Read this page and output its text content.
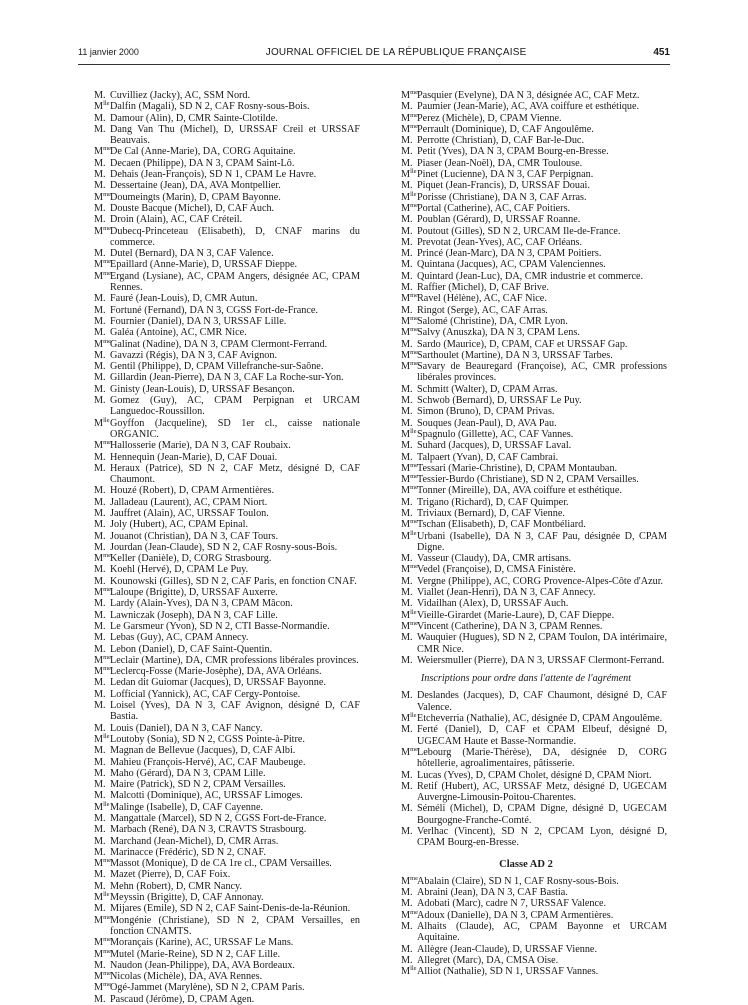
11 janvier 2000	JOURNAL OFFICIEL DE LA RÉPUBLIQUE FRANÇAISE	451
M. Cuvilliez (Jacky), AC, SSM Nord.
$M^{lle}$ Dalfin (Magali), SD N 2, CAF Rosny-sous-Bois.
M. Damour (Alin), D, CMR Sainte-Clotilde.
M. Dang Van Thu (Michel), D, URSSAF Creil et URSSAF Beauvais.
$M^{me}$
De Cal (Anne-Marie), DA, CORG Aquitaine.
M. Decaen (Philippe), DA N 3, CPAM Saint-Lô.
M. Dehais (Jean-François), SD N 1, CPAM Le Havre.
M. Dessertaine (Jean), DA, AVA Montpellier.
$M^{me}$
Doumeingts (Marin), D, CPAM Bayonne.
M. Douste Bacque (Michel), D, CAF Auch.
M. Droin (Alain), AC, CAF Créteil.
$M^{me}$
Dubecq-Princeteau (Elisabeth), D, CNAF marins du commerce.
M. Dutel (Bernard), DA N 3, CAF Valence.
$M^{me}$
Epaillard (Anne-Marie), D, URSSAF Dieppe.
$M^{me}$
Ergand (Lysiane), AC, CPAM Angers, désignée AC, CPAM Rennes.
M. Fauré (Jean-Louis), D, CMR Autun.
M. Fortuné (Fernand), DA N 3, CGSS Fort-de-France.
M. Fournier (Daniel), DA N 3, URSSAF Lille.
M. Galéa (Antoine), AC, CMR Nice.
$M^{me}$
Galinat (Nadine), DA N 3, CPAM Clermont-Ferrand.
M. Gavazzi (Régis), DA N 3, CAF Avignon.
M. Gentil (Philippe), D, CPAM Villefranche-sur-Saône.
M. Gillardin (Jean-Pierre), DA N 3, CAF La Roche-sur-Yon.
M. Ginisty (Jean-Louis), D, URSSAF Besançon.
M. Gomez (Guy), AC, CPAM Perpignan et URCAM Languedoc-Roussillon.
$M^{lle}$ Goyffon (Jacqueline), SD 1er cl., caisse nationale ORGANIC.
$M^{me}$
Hallosserie (Marie), DA N 3, CAF Roubaix.
M. Hennequin (Jean-Marie), D, CAF Douai.
M. Heraux (Patrice), SD N 2, CAF Metz, désigné D, CAF Chaumont.
M. Houzé (Robert), D, CPAM Armentières.
M. Jalladeau (Laurent), AC, CPAM Niort.
M. Jauffret (Alain), AC, URSSAF Toulon.
M. Joly (Hubert), AC, CPAM Epinal.
M. Jouanot (Christian), DA N 3, CAF Tours.
M. Jourdan (Jean-Claude), SD N 2, CAF Rosny-sous-Bois.
$M^{me}$
Keller (Danièle), D, CORG Strasbourg.
M. Koehl (Hervé), D, CPAM Le Puy.
M. Kounowski (Gilles), SD N 2, CAF Paris, en fonction CNAF.
$M^{me}$
Laloupe (Brigitte), D, URSSAF Auxerre.
M. Lardy (Alain-Yves), DA N 3, CPAM Mâcon.
M. Lawniczak (Joseph), DA N 3, CAF Lille.
M. Le Garsmeur (Yvon), SD N 2, CTI Basse-Normandie.
M. Lebas (Guy), AC, CPAM Annecy.
M. Lebon (Daniel), D, CAF Saint-Quentin.
$M^{me}$
Leclair (Martine), DA, CMR professions libérales provinces.
$M^{me}$
Leclercq-Fosse (Marie-Josèphe), DA, AVA Orléans.
M. Ledan dit Guiomar (Jacques), D, URSSAF Bayonne.
M. Lofficial (Yannick), AC, CAF Cergy-Pontoise.
M. Loisel (Yves), DA N 3, CAF Avignon, désigné D, CAF Bastia.
M. Louis (Daniel), DA N 3, CAF Nancy.
$M^{lle}$ Loutoby (Sonia), SD N 2, CGSS Pointe-à-Pitre.
M. Magnan de Bellevue (Jacques), D, CAF Albi.
M. Mahieu (François-Hervé), AC, CAF Maubeuge.
M. Maho (Gérard), DA N 3, CPAM Lille.
M. Maire (Patrick), SD N 2, CPAM Versailles.
M. Malcotti (Dominique), AC, URSSAF Limoges.
$M^{lle}$ Malinge (Isabelle), D, CAF Cayenne.
M. Mangattale (Marcel), SD N 2, CGSS Fort-de-France.
M. Marbach (René), DA N 3, CRAVTS Strasbourg.
M. Marchand (Jean-Michel), D, CMR Arras.
M. Marinacce (Frédéric), SD N 2, CNAF.
$M^{me}$
Massot (Monique), D de CA 1re cl., CPAM Versailles.
M. Mazet (Pierre), D, CAF Foix.
M. Mehn (Robert), D, CMR Nancy.
$M^{lle}$ Meyssin (Brigitte), D, CAF Annonay.
M. Mijares (Emile), SD N 2, CAF Saint-Denis-de-la-Réunion.
$M^{me}$
Mongénie (Christiane), SD N 2, CPAM Versailles, en fonction CNAMTS.
$M^{me}$
Morançais (Karine), AC, URSSAF Le Mans.
$M^{me}$
Mutel (Marie-Reine), SD N 2, CAF Lille.
M. Naudon (Jean-Philippe), DA, AVA Bordeaux.
$M^{me}$
Nicolas (Michèle), DA, AVA Rennes.
$M^{me}$
Ogé-Jammet (Marylène), SD N 2, CPAM Paris.
M. Pascaud (Jérôme), D, CPAM Agen.
$M^{me}$
Pasquier (Evelyne), DA N 3, désignée AC, CAF Metz.
M. Paumier (Jean-Marie), AC, AVA coiffure et esthétique.
$M^{me}$
Perez (Michèle), D, CPAM Vienne.
$M^{me}$
Perrault (Dominique), D, CAF Angoulême.
M. Perrotte (Christian), D, CAF Bar-le-Duc.
M. Petit (Yves), DA N 3, CPAM Bourg-en-Bresse.
M. Piaser (Jean-Noël), DA, CMR Toulouse.
$M^{lle}$ Pinet (Lucienne), DA N 3, CAF Perpignan.
M. Piquet (Jean-Francis), D, URSSAF Douai.
$M^{lle}$ Porisse (Christiane), DA N 3, CAF Arras.
$M^{me}$
Portal (Catherine), AC, CAF Poitiers.
M. Poublan (Gérard), D, URSSAF Roanne.
M. Poutout (Gilles), SD N 2, URCAM Ile-de-France.
M. Prevotat (Jean-Yves), AC, CAF Orléans.
M. Princé (Jean-Marc), DA N 3, CPAM Poitiers.
M. Quintana (Jacques), AC, CPAM Valenciennes.
M. Quintard (Jean-Luc), DA, CMR industrie et commerce.
M. Raffier (Michel), D, CAF Brive.
$M^{me}$
Ravel (Hélène), AC, CAF Nice.
M. Ringot (Serge), AC, CAF Arras.
$M^{me}$
Salomé (Christine), DA, CMR Lyon.
$M^{me}$
Salvy (Anuszka), DA N 3, CPAM Lens.
M. Sardo (Maurice), D, CPAM, CAF et URSSAF Gap.
$M^{me}$
Sarthoulet (Martine), DA N 3, URSSAF Tarbes.
$M^{me}$
Savary de Beauregard (Françoise), AC, CMR professions libérales provinces.
M. Schmitt (Walter), D, CPAM Arras.
M. Schwob (Bernard), D, URSSAF Le Puy.
M. Simon (Bruno), D, CPAM Privas.
M. Souques (Jean-Paul), D, AVA Pau.
$M^{lle}$ Spagnulo (Gillette), AC, CAF Vannes.
M. Suhard (Jacques), D, URSSAF Laval.
M. Talpaert (Yvan), D, CAF Cambrai.
$M^{me}$
Tessari (Marie-Christine), D, CPAM Montauban.
$M^{me}$
Tessier-Burdo (Christiane), SD N 2, CPAM Versailles.
$M^{me}$
Tonner (Mireille), DA, AVA coiffure et esthétique.
M. Trigano (Richard), D, CAF Quimper.
M. Triviaux (Bernard), D, CAF Vienne.
$M^{me}$
Tschan (Elisabeth), D, CAF Montbéliard.
$M^{lle}$ Urbani (Isabelle), DA N 3, CAF Pau, désignée D, CPAM Digne.
M. Vasseur (Claudy), DA, CMR artisans.
$M^{me}$
Vedel (Françoise), D, CMSA Finistère.
M. Vergne (Philippe), AC, CORG Provence-Alpes-Côte d'Azur.
M. Viallet (Jean-Henri), DA N 3, CAF Annecy.
M. Vidailhan (Alex), D, URSSAF Auch.
$M^{lle}$ Vieille-Girardet (Marie-Laure), D, CAF Dieppe.
$M^{me}$
Vincent (Catherine), DA N 3, CPAM Rennes.
M. Wauquier (Hugues), SD N 2, CPAM Toulon, DA intérimaire, CMR Nice.
M. Weiersmuller (Pierre), DA N 3, URSSAF Clermont-Ferrand.
Inscriptions pour ordre dans l'attente de l'agrément
M. Deslandes (Jacques), D, CAF Chaumont, désigné D, CAF Valence.
$M^{lle}$ Etcheverria (Nathalie), AC, désignée D, CPAM Angoulême.
M. Ferté (Daniel), D, CAF et CPAM Elbeuf, désigné D, UGECAM Haute et Basse-Normandie.
$M^{me}$
Lebourg (Marie-Thérèse), DA, désignée D, CORG hôtellerie, agroalimentaires, pâtisserie.
M. Lucas (Yves), D, CPAM Cholet, désigné D, CPAM Niort.
M. Retif (Hubert), AC, URSSAF Metz, désigné D, UGECAM Auvergne-Limousin-Poitou-Charentes.
M. Séméli (Michel), D, CPAM Digne, désigné D, UGECAM Bourgogne-Franche-Comté.
M. Verlhac (Vincent), SD N 2, CPCAM Lyon, désigné D, CPAM Bourg-en-Bresse.
Classe AD 2
$M^{me}$
Abalain (Claire), SD N 1, CAF Rosny-sous-Bois.
M. Abraini (Jean), DA N 3, CAF Bastia.
M. Adobati (Marc), cadre N 7, URSSAF Valence.
$M^{me}$
Adoux (Danielle), DA N 3, CPAM Armentières.
M. Alhaits (Claude), AC, CPAM Bayonne et URCAM Aquitaine.
M. Allègre (Jean-Claude), D, URSSAF Vienne.
M. Allegret (Marc), DA, CMSA Oise.
$M^{lle}$ Alliot (Nathalie), SD N 1, URSSAF Vannes.
